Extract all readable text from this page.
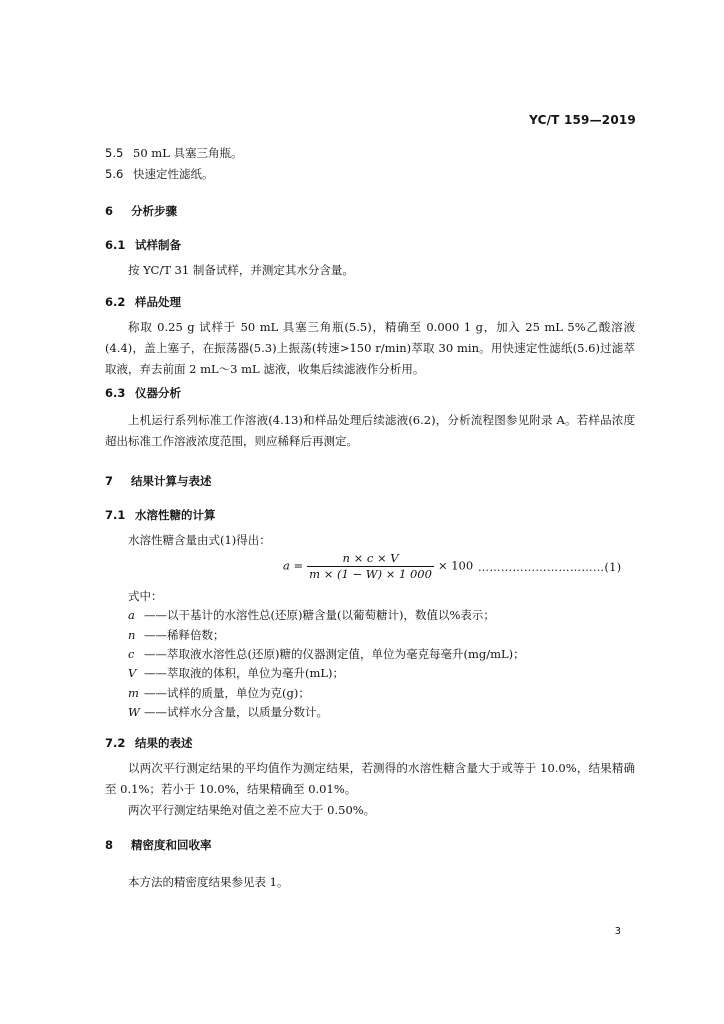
YC/T 159—2019
5.5 50 mL 具塞三角瓶。
5.6 快速定性滤纸。
6 分析步骤
6.1 试样制备
按 YC/T 31 制备试样，并测定其水分含量。
6.2 样品处理
称取 0.25 g 试样于 50 mL 具塞三角瓶(5.5)，精确至 0.000 1 g，加入 25 mL 5%乙酸溶液(4.4)，盖上塞子，在振荡器(5.3)上振荡(转速>150 r/min)萃取 30 min。用快速定性滤纸(5.6)过滤萃取液，弃去前面 2 mL～3 mL 滤液，收集后续滤液作分析用。
6.3 仪器分析
上机运行系列标准工作溶液(4.13)和样品处理后续滤液(6.2)，分析流程图参见附录 A。若样品浓度超出标准工作溶液浓度范围，则应稀释后再测定。
7 结果计算与表述
7.1 水溶性糖的计算
水溶性糖含量由式(1)得出：
$a = \frac{n \times c \times V}{m \times (1 - W) \times 1 000} \times 100$ ……………………………(1)
式中：
a ——以干基计的水溶性总(还原)糖含量(以葡萄糖计)，数值以%表示；
n ——稀释倍数；
c ——萃取液水溶性总(还原)糖的仪器测定值，单位为毫克每毫升(mg/mL)；
V ——萃取液的体积，单位为毫升(mL)；
m ——试样的质量，单位为克(g)；
W ——试样水分含量，以质量分数计。
7.2 结果的表述
以两次平行测定结果的平均值作为测定结果，若测得的水溶性糖含量大于或等于 10.0%，结果精确至 0.1%；若小于 10.0%，结果精确至 0.01%。
两次平行测定结果绝对值之差不应大于 0.50%。
8 精密度和回收率
本方法的精密度结果参见表 1。
3
